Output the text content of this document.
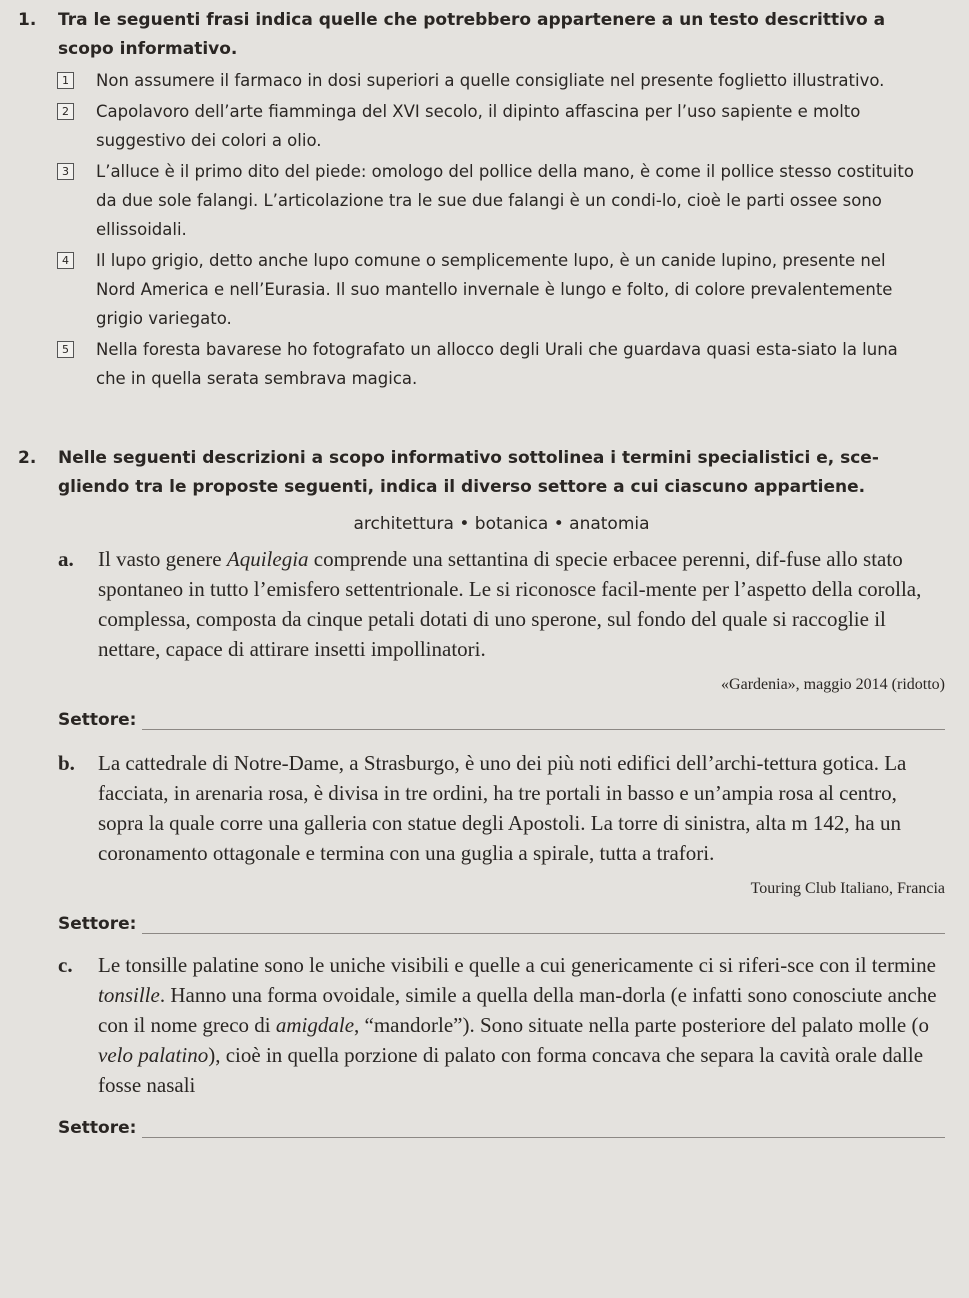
1. Tra le seguenti frasi indica quelle che potrebbero appartenere a un testo descrittivo a scopo informativo.
1	Non assumere il farmaco in dosi superiori a quelle consigliate nel presente foglietto illustrativo.
2	Capolavoro dell’arte fiamminga del XVI secolo, il dipinto affascina per l’uso sapiente e molto suggestivo dei colori a olio.
3	L’alluce è il primo dito del piede: omologo del pollice della mano, è come il pollice stesso costituito da due sole falangi. L’articolazione tra le sue due falangi è un condi-lo, cioè le parti ossee sono ellissoidali.
4	Il lupo grigio, detto anche lupo comune o semplicemente lupo, è un canide lupino, presente nel Nord America e nell’Eurasia. Il suo mantello invernale è lungo e folto, di colore prevalentemente grigio variegato.
5	Nella foresta bavarese ho fotografato un allocco degli Urali che guardava quasi esta-siato la luna che in quella serata sembrava magica.
2. Nelle seguenti descrizioni a scopo informativo sottolinea i termini specialistici e, sce-gliendo tra le proposte seguenti, indica il diverso settore a cui ciascuno appartiene.
architettura • botanica • anatomia
a. Il vasto genere Aquilegia comprende una settantina di specie erbacee perenni, dif-fuse allo stato spontaneo in tutto l’emisfero settentrionale. Le si riconosce facil-mente per l’aspetto della corolla, complessa, composta da cinque petali dotati di uno sperone, sul fondo del quale si raccoglie il nettare, capace di attirare insetti impollinatori.
«Gardenia», maggio 2014 (ridotto)
Settore:
b. La cattedrale di Notre-Dame, a Strasburgo, è uno dei più noti edifici dell’archi-tettura gotica. La facciata, in arenaria rosa, è divisa in tre ordini, ha tre portali in basso e un’ampia rosa al centro, sopra la quale corre una galleria con statue degli Apostoli. La torre di sinistra, alta m 142, ha un coronamento ottagonale e termina con una guglia a spirale, tutta a trafori.
Touring Club Italiano, Francia
Settore:
c. Le tonsille palatine sono le uniche visibili e quelle a cui genericamente ci si riferi-sce con il termine tonsille. Hanno una forma ovoidale, simile a quella della man-dorla (e infatti sono conosciute anche con il nome greco di amigdale, “mandorle”). Sono situate nella parte posteriore del palato molle (o velo palatino), cioè in quella porzione di palato con forma concava che separa la cavità orale dalle fosse nasali
Settore:
